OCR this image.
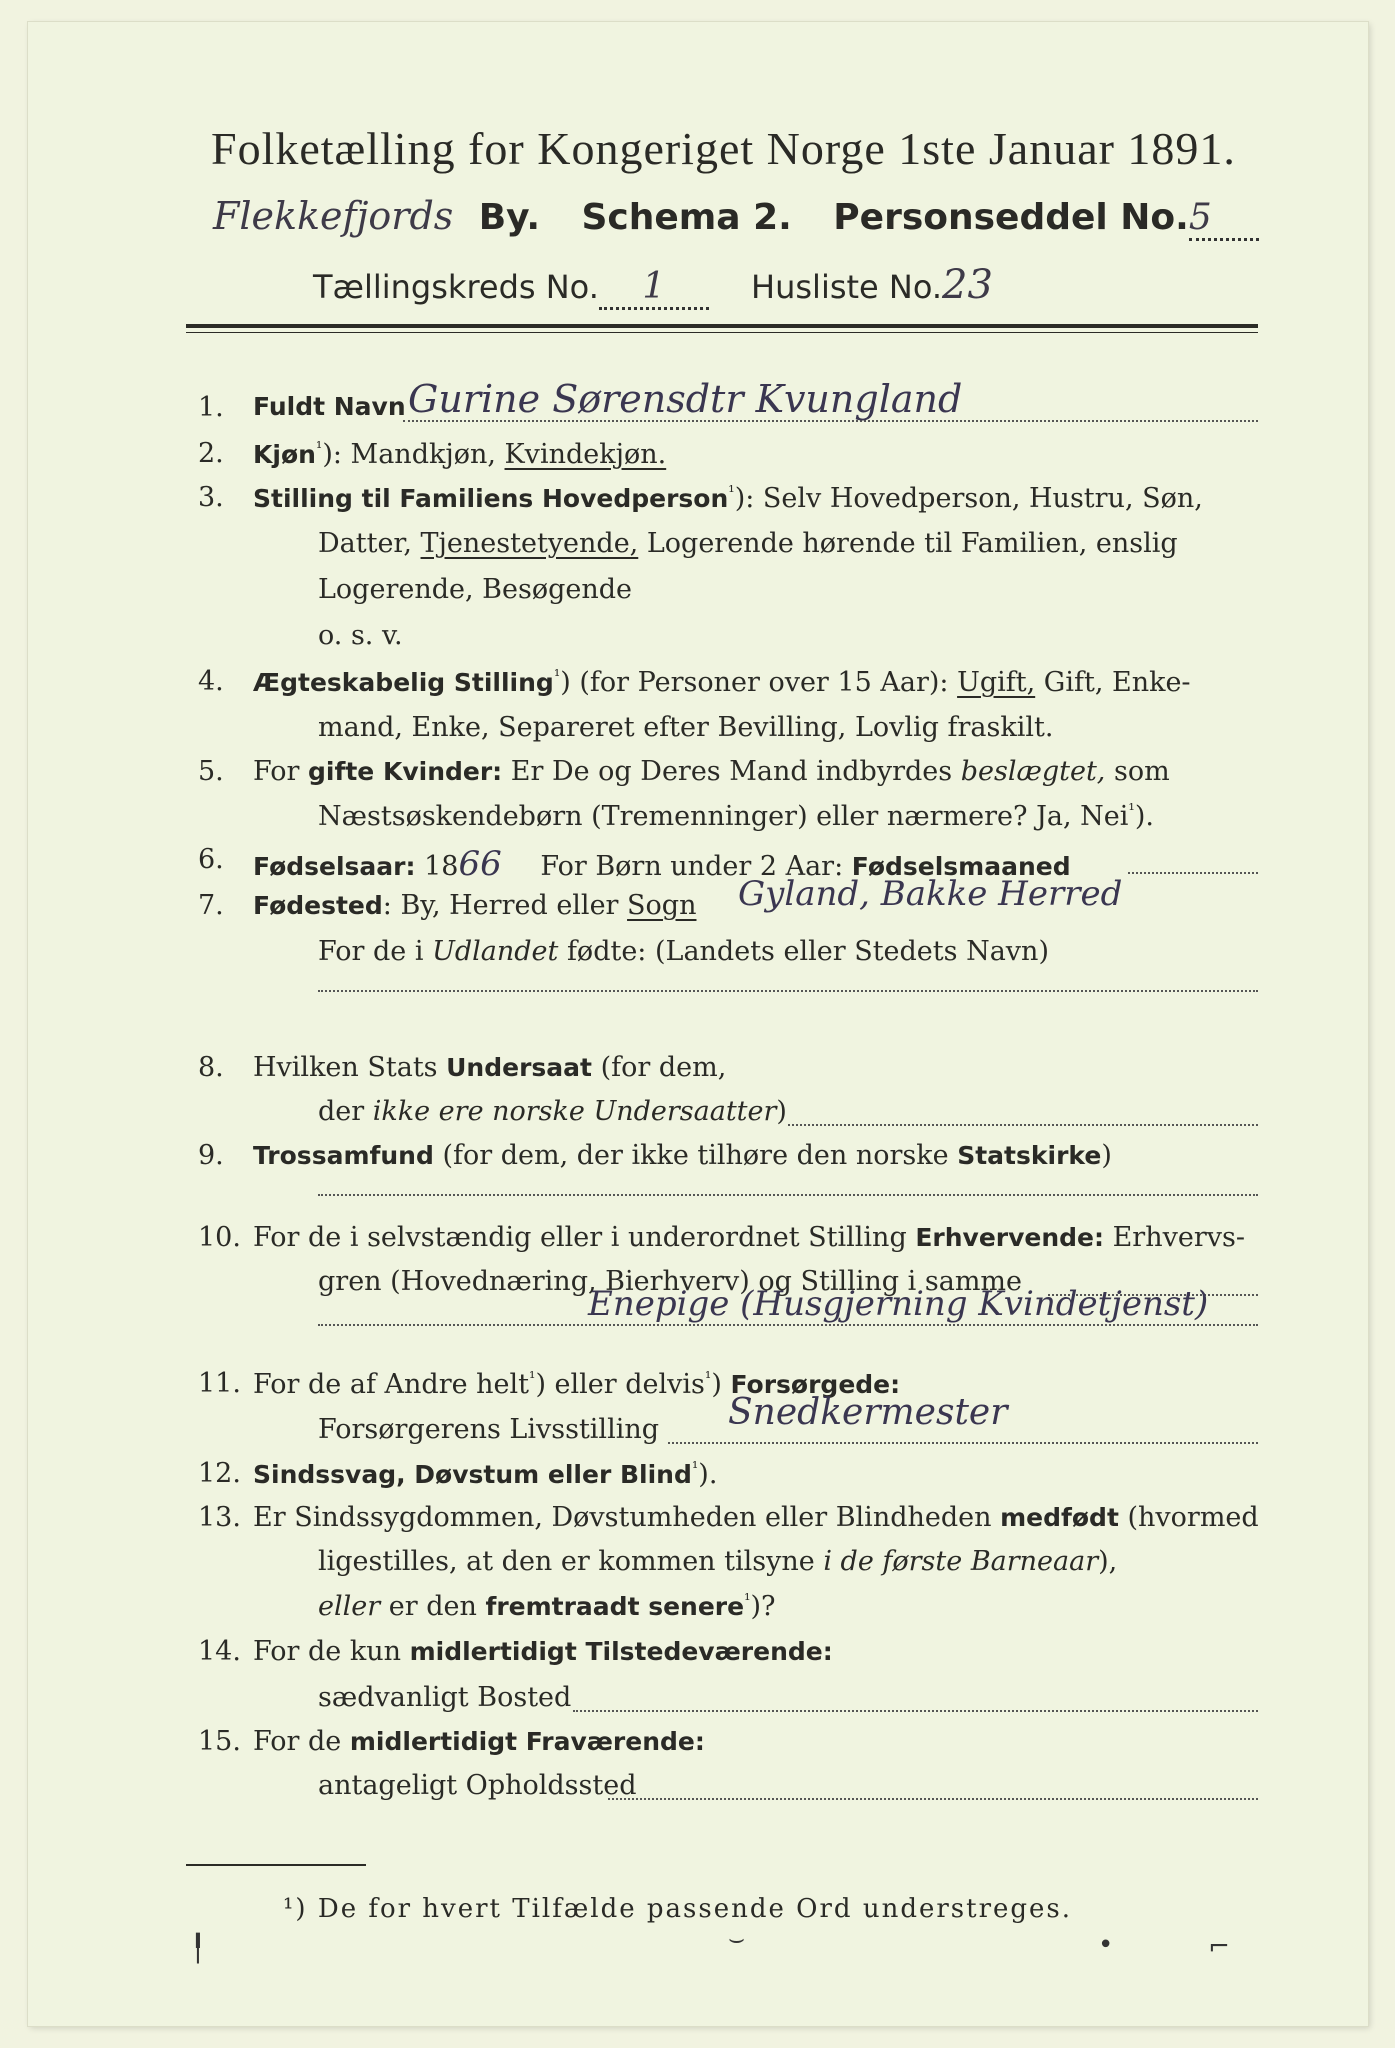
Folketælling for Kongeriget Norge 1ste Januar 1891.
Flekkefjords By. Schema 2. Personseddel No.5
Tællingskreds No. 1	Husliste No.23
1. Fuldt Navn Gurine Sørensdtr Kvungland
2. Kjøn$^{^1}$): Mandkjøn, Kvindekjøn.
3. Stilling til Familiens Hovedperson$^{^1}$): Selv Hovedperson, Hustru, Søn,
Datter, Tjenestetyende, Logerende hørende til Familien, enslig
Logerende, Besøgende
o. s. v.
4. Ægteskabelig Stilling$^{^1}$) (for Personer over 15 Aar): Ugift, Gift, Enke-
mand, Enke, Separeret efter Bevilling, Lovlig fraskilt.
5. For gifte Kvinder: Er De og Deres Mand indbyrdes beslægtet, som
Næstsøskendebørn (Tremenninger) eller nærmere? Ja, Nei$^{^1}$).
6. Fødselsaar: 1866 For Børn under 2 Aar: Fødselsmaaned
7. Fødested: By, Herred eller Sogn Gyland, Bakke Herred
For de i Udlandet fødte: (Landets eller Stedets Navn)
8. Hvilken Stats Undersaat (for dem,
der ikke ere norske Undersaatter)
9. Trossamfund (for dem, der ikke tilhøre den norske Statskirke)
10. For de i selvstændig eller i underordnet Stilling Erhvervende: Erhvervs-
gren (Hovednæring, Bierhverv) og Stilling i samme
Enepige (Husgjerning Kvindetjenst)
11. For de af Andre helt$^{^1}$) eller delvis$^{^1}$) Forsørgede:
Forsørgerens Livsstilling Snedkermester
12. Sindssvag, Døvstum eller Blind$^{^1}$).
13. Er Sindssygdommen, Døvstumheden eller Blindheden medfødt (hvormed
ligestilles, at den er kommen tilsyne i de første Barneaar),
eller er den fremtraadt senere$^{^1}$)?
14. For de kun midlertidigt Tilstedeværende:
sædvanligt Bosted
15. For de midlertidigt Fraværende:
antageligt Opholdssted
¹) De for hvert Tilfælde passende Ord understreges.
╿	⌣	•	⌐
